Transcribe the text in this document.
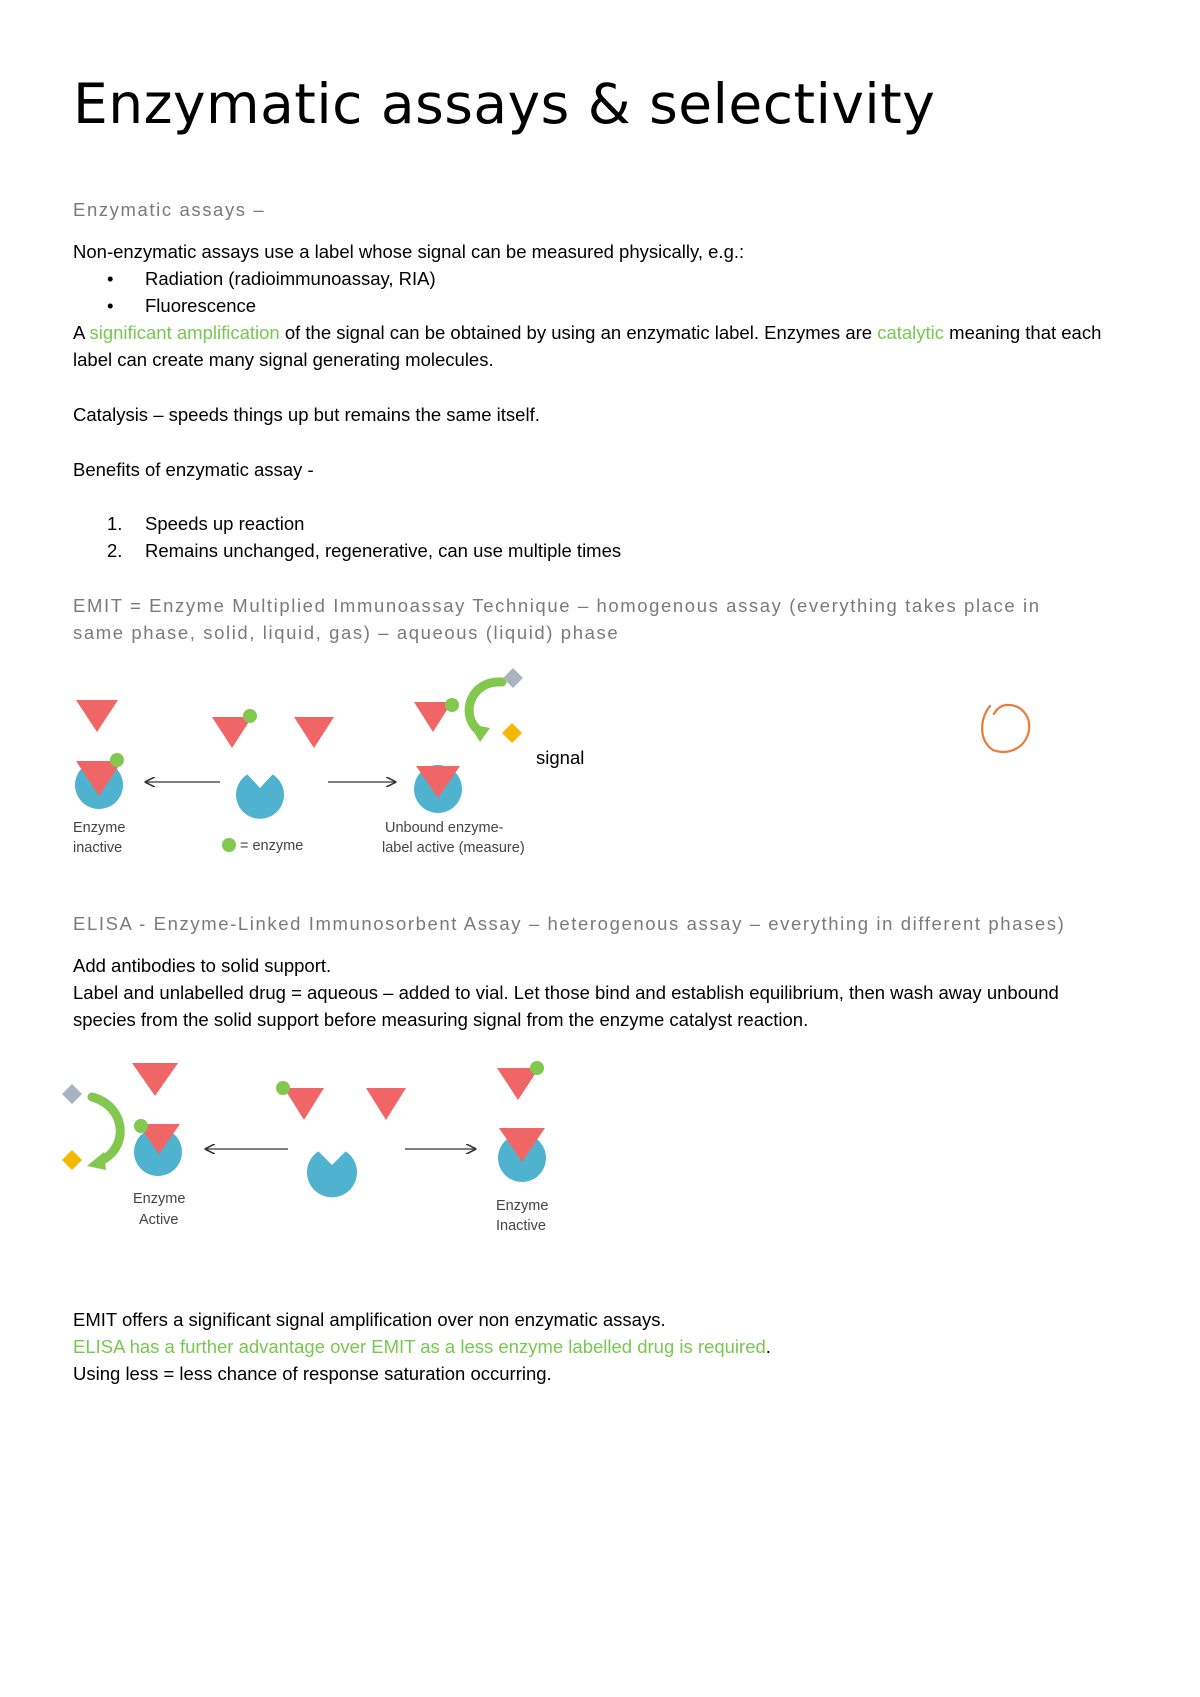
Enzymatic assays & selectivity

Enzymatic assays –

Non-enzymatic assays use a label whose signal can be measured physically, e.g.:

• Radiation (radioimmunoassay, RIA)
• Fluorescence

A significant amplification of the signal can be obtained by using an enzymatic label. Enzymes are catalytic meaning that each label can create many signal generating molecules.

Catalysis – speeds things up but remains the same itself.

Benefits of enzymatic assay -

1. Speeds up reaction
2. Remains unchanged, regenerative, can use multiple times

EMIT = Enzyme Multiplied Immunoassay Technique – homogenous assay (everything takes place in

same phase, solid, liquid, gas) – aqueous (liquid) phase

Enzyme
inactive	= enzyme
Unbound enzyme-
label active (measure)
signal

ELISA - Enzyme-Linked Immunosorbent Assay – heterogenous assay – everything in different phases)

Add antibodies to solid support.

Label and unlabelled drug = aqueous – added to vial. Let those bind and establish equilibrium, then wash away unbound species from the solid support before measuring signal from the enzyme catalyst reaction.

Enzyme
Active
Enzyme
Inactive

EMIT offers a significant signal amplification over non enzymatic assays.

ELISA has a further advantage over EMIT as a less enzyme labelled drug is required.

Using less = less chance of response saturation occurring.
